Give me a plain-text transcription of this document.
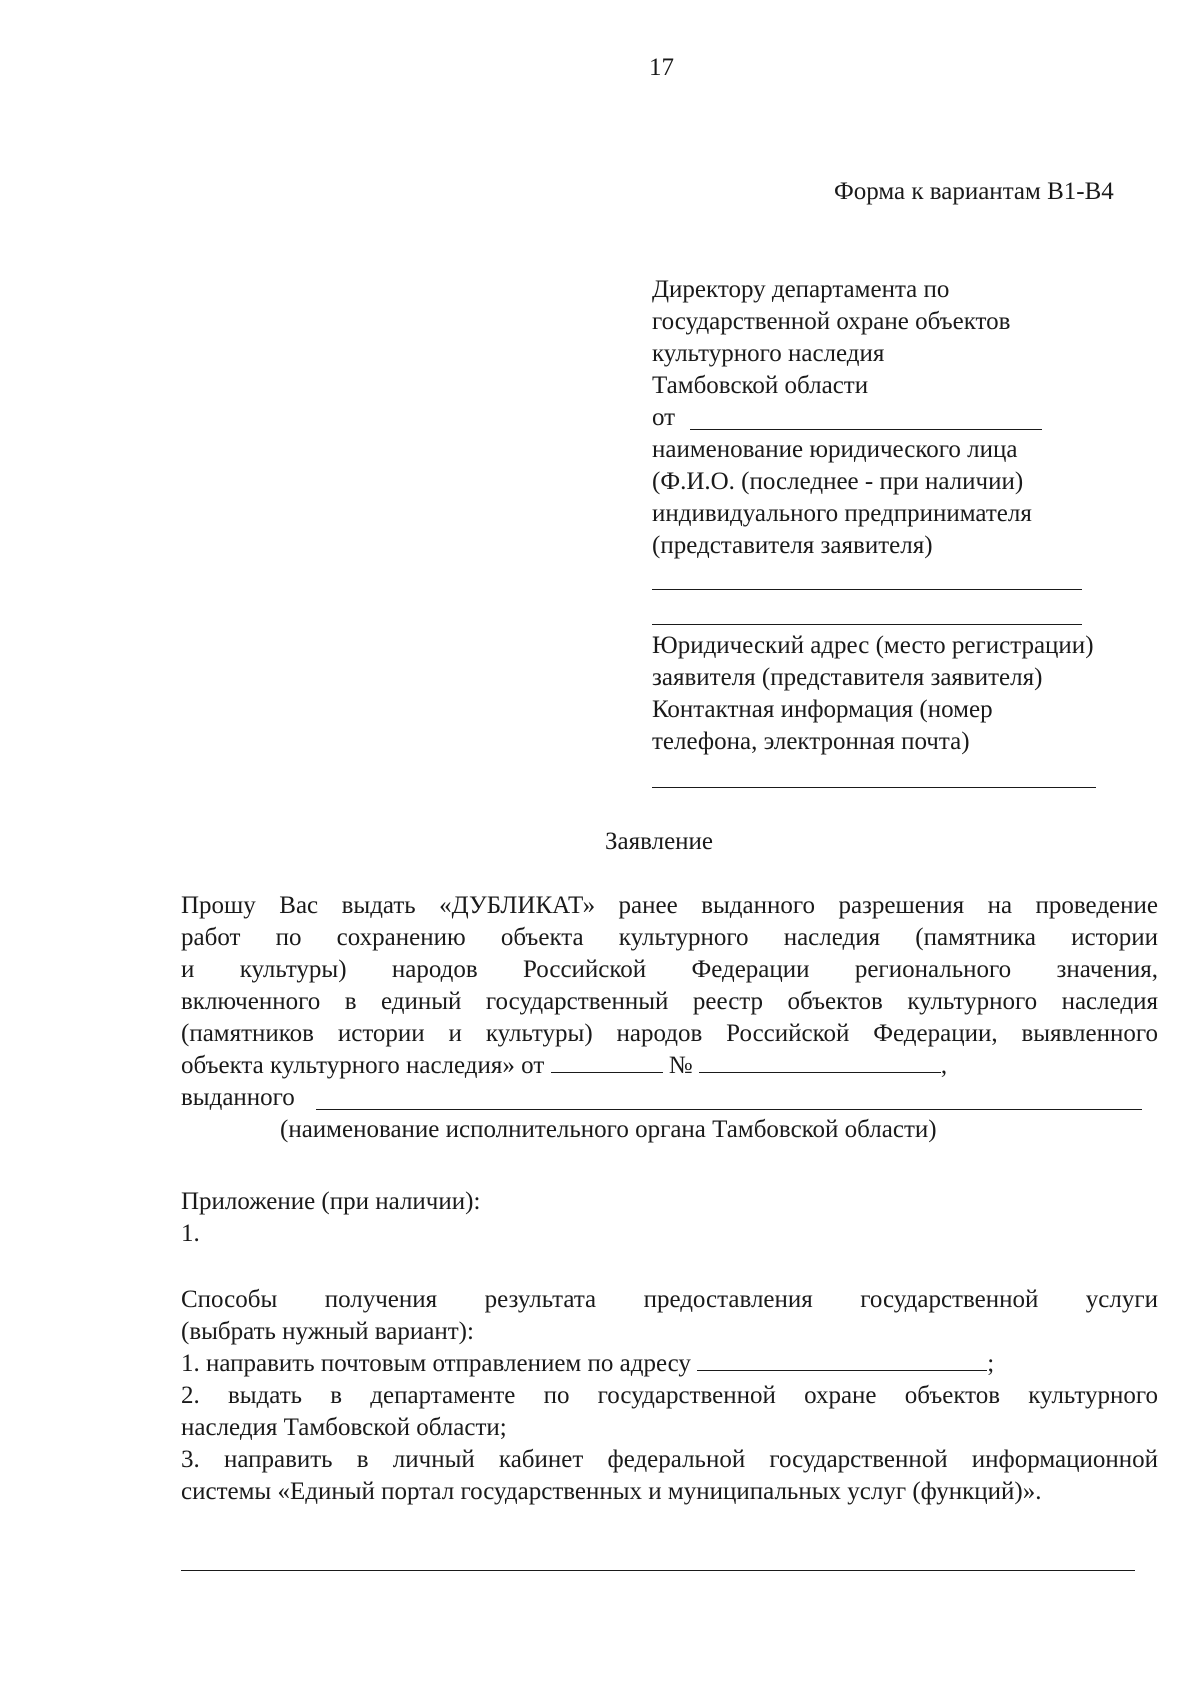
17
Форма к вариантам В1-В4
Директору департамента по
государственной охране объектов
культурного наследия
Тамбовской области
от
наименование юридического лица
(Ф.И.О. (последнее - при наличии)
индивидуального предпринимателя
(представителя заявителя)
Юридический адрес (место регистрации)
заявителя (представителя заявителя)
Контактная информация (номер
телефона, электронная почта)
Заявление
Прошу Вас выдать «ДУБЛИКАТ» ранее выданного разрешения на проведение
работ по сохранению объекта культурного наследия (памятника истории
и культуры) народов Российской Федерации регионального значения,
включенного в единый государственный реестр объектов культурного наследия
(памятников истории и культуры) народов Российской Федерации, выявленного
объекта культурного наследия» от	№	,
выданного
(наименование исполнительного органа Тамбовской области)
Приложение (при наличии):
1.
Способы получения результата предоставления государственной услуги
(выбрать нужный вариант):
1. направить почтовым отправлением по адресу	;
2. выдать в департаменте по государственной охране объектов культурного
наследия Тамбовской области;
3. направить в личный кабинет федеральной государственной информационной
системы «Единый портал государственных и муниципальных услуг (функций)».
